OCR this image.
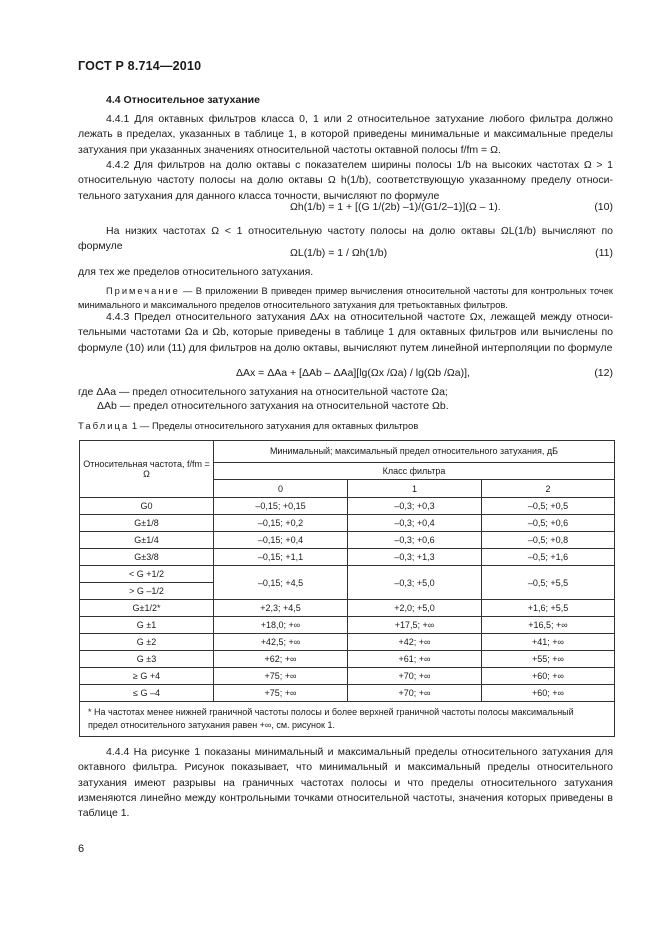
ГОСТ Р 8.714—2010
4.4 Относительное затухание

4.4.1 Для октавных фильтров класса 0, 1 или 2 относительное затухание любого фильтра должно лежать в пределах, указанных в таблице 1, в которой приведены минимальные и максимальные пределы затухания при указанных значениях относительной частоты октавной полосы f/fm = Ω.

4.4.2 Для фильтров на долю октавы с показателем ширины полосы 1/b на высоких частотах Ω > 1 относительную частоту полосы на долю октавы Ω h(1/b), соответствующую указанному пределу относительного затухания для данного класса точности, вычисляют по формуле

Ωh(1/b) = 1 + [(G 1/(2b) –1)/(G1/2–1)](Ω – 1).	(10)

На низких частотах Ω < 1 относительную частоту полосы на долю октавы ΩL(1/b) вычисляют по формуле

ΩL(1/b) = 1 / Ωh(1/b)	(11)

для тех же пределов относительного затухания.

Примечание — В приложении В приведен пример вычисления относительной частоты для контрольных точек минимального и максимального пределов относительного затухания для третьоктавных фильтров.

4.4.3 Предел относительного затухания ΔAx на относительной частоте Ωx, лежащей между относительными частотами Ωa и Ωb, которые приведены в таблице 1 для октавных фильтров или вычислены по формуле (10) или (11) для фильтров на долю октавы, вычисляют путем линейной интерполяции по формуле

ΔAx = ΔAa + [ΔAb – ΔAa][lg(Ωx /Ωa) / lg(Ωb /Ωa)],	(12)

где ΔAa — предел относительного затухания на относительной частоте Ωa;

ΔAb — предел относительного затухания на относительной частоте Ωb.

Таблица 1 — Пределы относительного затухания для октавных фильтров
Относительная частота, f/fm = Ω	Минимальный; максимальный предел относительного затухания, дБ		
	Класс фильтра		
	0	1	2
G0	–0,15; +0,15	–0,3; +0,3	–0,5; +0,5
G±1/8	–0,15; +0,2	–0,3; +0,4	–0,5; +0,6
G±1/4	–0,15; +0,4	–0,3; +0,6	–0,5; +0,8
G±3/8	–0,15; +1,1	–0,3; +1,3	–0,5; +1,6
< G +1/2	–0,15; +4,5	–0,3; +5,0	–0,5; +5,5
> G –1/2			
G±1/2*	+2,3; +4,5	+2,0; +5,0	+1,6; +5,5
G ±1	+18,0; +∞	+17,5; +∞	+16,5; +∞
G ±2	+42,5; +∞	+42; +∞	+41; +∞
G ±3	+62; +∞	+61; +∞	+55; +∞
≥ G +4	+75; +∞	+70; +∞	+60; +∞
≤ G –4	+75; +∞	+70; +∞	+60; +∞
* На частотах менее нижней граничной частоты полосы и более верхней граничной частоты полосы максимальный предел относительного затухания равен +∞, см. рисунок 1.			

4.4.4 На рисунке 1 показаны минимальный и максимальный пределы относительного затухания для октавного фильтра. Рисунок показывает, что минимальный и максимальный пределы относительного затухания имеют разрывы на граничных частотах полосы и что пределы относительного затухания изменяются линейно между контрольными точками относительной частоты, значения которых приведены в таблице 1.

6
